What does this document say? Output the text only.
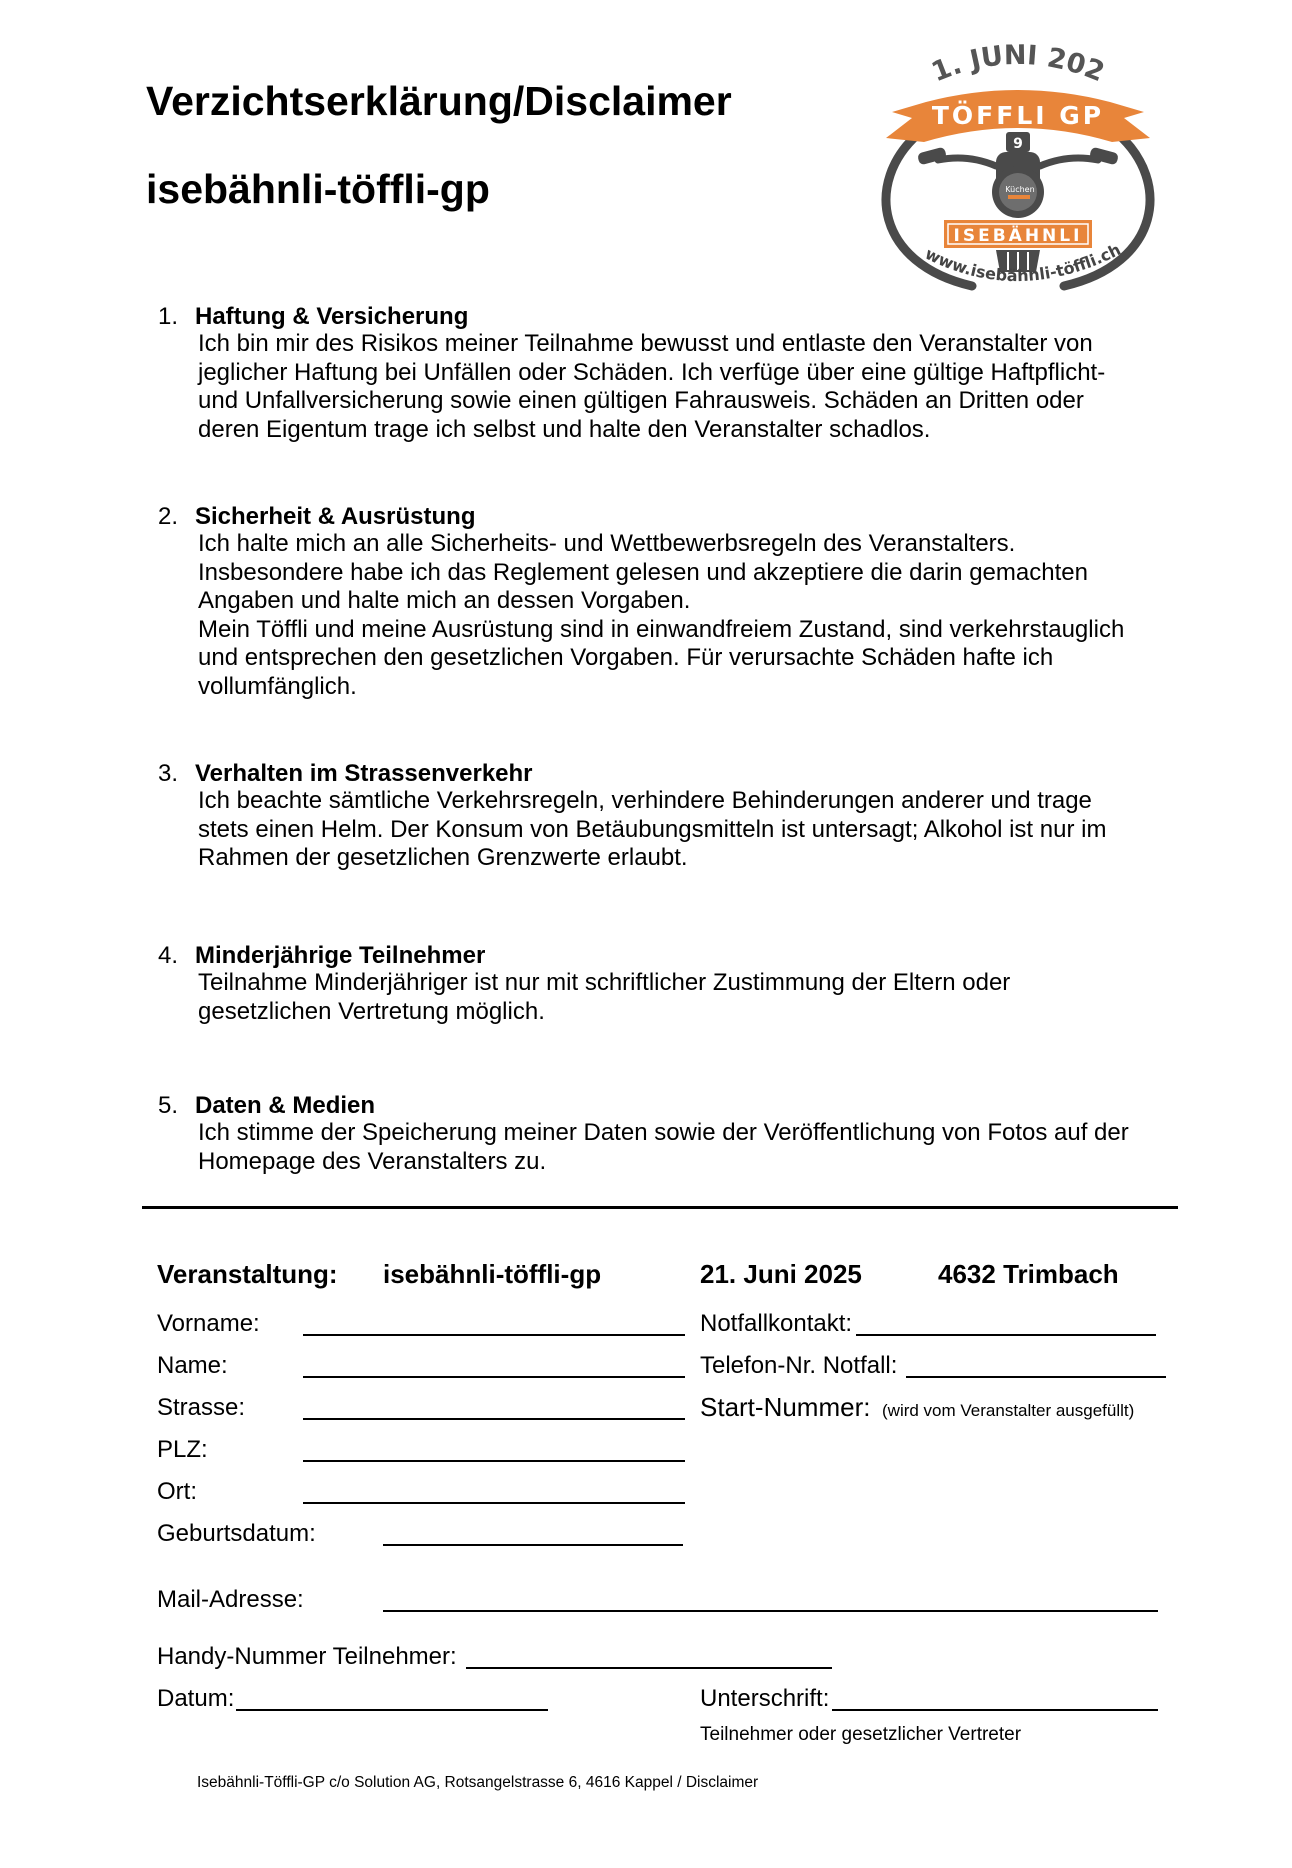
Verzichtserklärung/Disclaimer
isebähnli-töffli-gp
1. JUNI 202
TÖFFLI GP
9
Küchen
ISEBÄHNLI
www.isebähnli-töffli.ch
1. Haftung & Versicherung

Ich bin mir des Risikos meiner Teilnahme bewusst und entlaste den Veranstalter von

jeglicher Haftung bei Unfällen oder Schäden. Ich verfüge über eine gültige Haftpflicht-

und Unfallversicherung sowie einen gültigen Fahrausweis. Schäden an Dritten oder

deren Eigentum trage ich selbst und halte den Veranstalter schadlos.

2. Sicherheit & Ausrüstung

Ich halte mich an alle Sicherheits- und Wettbewerbsregeln des Veranstalters.

Insbesondere habe ich das Reglement gelesen und akzeptiere die darin gemachten

Angaben und halte mich an dessen Vorgaben.

Mein Töffli und meine Ausrüstung sind in einwandfreiem Zustand, sind verkehrstauglich

und entsprechen den gesetzlichen Vorgaben. Für verursachte Schäden hafte ich

vollumfänglich.

3. Verhalten im Strassenverkehr

Ich beachte sämtliche Verkehrsregeln, verhindere Behinderungen anderer und trage

stets einen Helm. Der Konsum von Betäubungsmitteln ist untersagt; Alkohol ist nur im

Rahmen der gesetzlichen Grenzwerte erlaubt.

4. Minderjährige Teilnehmer

Teilnahme Minderjähriger ist nur mit schriftlicher Zustimmung der Eltern oder

gesetzlichen Vertretung möglich.

5. Daten & Medien

Ich stimme der Speicherung meiner Daten sowie der Veröffentlichung von Fotos auf der

Homepage des Veranstalters zu.

Veranstaltung: isebähnli-töffli-gp	21. Juni 2025	4632 Trimbach
Vorname:
Name:
Strasse:
PLZ:
Ort:
Geburtsdatum:
Notfallkontakt:
Telefon-Nr. Notfall:
Start-Nummer: (wird vom Veranstalter ausgefüllt)
Mail-Adresse:
Handy-Nummer Teilnehmer:
Datum:	Unterschrift:
Teilnehmer oder gesetzlicher Vertreter
Isebähnli-Töffli-GP c/o Solution AG, Rotsangelstrasse 6, 4616 Kappel / Disclaimer
